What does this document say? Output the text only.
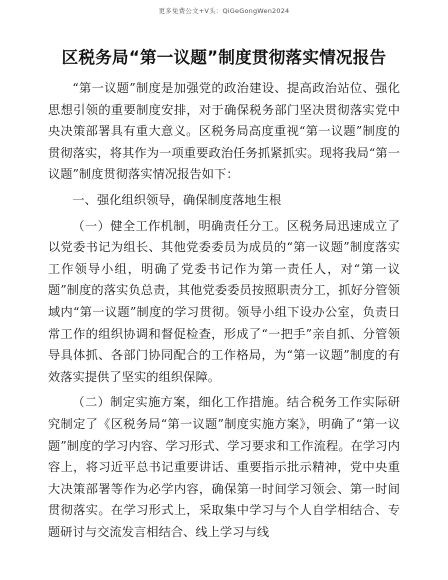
更多免费公文+V头：QiGeGongWen2024
区税务局“第一议题”制度贯彻落实情况报告

“第一议题”制度是加强党的政治建设、提高政治站位、强化思想引领的重要制度安排，对于确保税务部门坚决贯彻落实党中央决策部署具有重大意义。区税务局高度重视“第一议题”制度的贯彻落实，将其作为一项重要政治任务抓紧抓实。现将我局“第一议题”制度贯彻落实情况报告如下：

一、强化组织领导，确保制度落地生根

（一）健全工作机制，明确责任分工。区税务局迅速成立了以党委书记为组长、其他党委委员为成员的“第一议题”制度落实工作领导小组，明确了党委书记作为第一责任人，对“第一议题”制度的落实负总责，其他党委委员按照职责分工，抓好分管领域内“第一议题”制度的学习贯彻。领导小组下设办公室，负责日常工作的组织协调和督促检查，形成了“一把手”亲自抓、分管领导具体抓、各部门协同配合的工作格局，为“第一议题”制度的有效落实提供了坚实的组织保障。

（二）制定实施方案，细化工作措施。结合税务工作实际研究制定了《区税务局“第一议题”制度实施方案》，明确了“第一议题”制度的学习内容、学习形式、学习要求和工作流程。在学习内容上，将习近平总书记重要讲话、重要指示批示精神，党中央重大决策部署等作为必学内容，确保第一时间学习领会、第一时间贯彻落实。在学习形式上，采取集中学习与个人自学相结合、专题研讨与交流发言相结合、线上学习与线
